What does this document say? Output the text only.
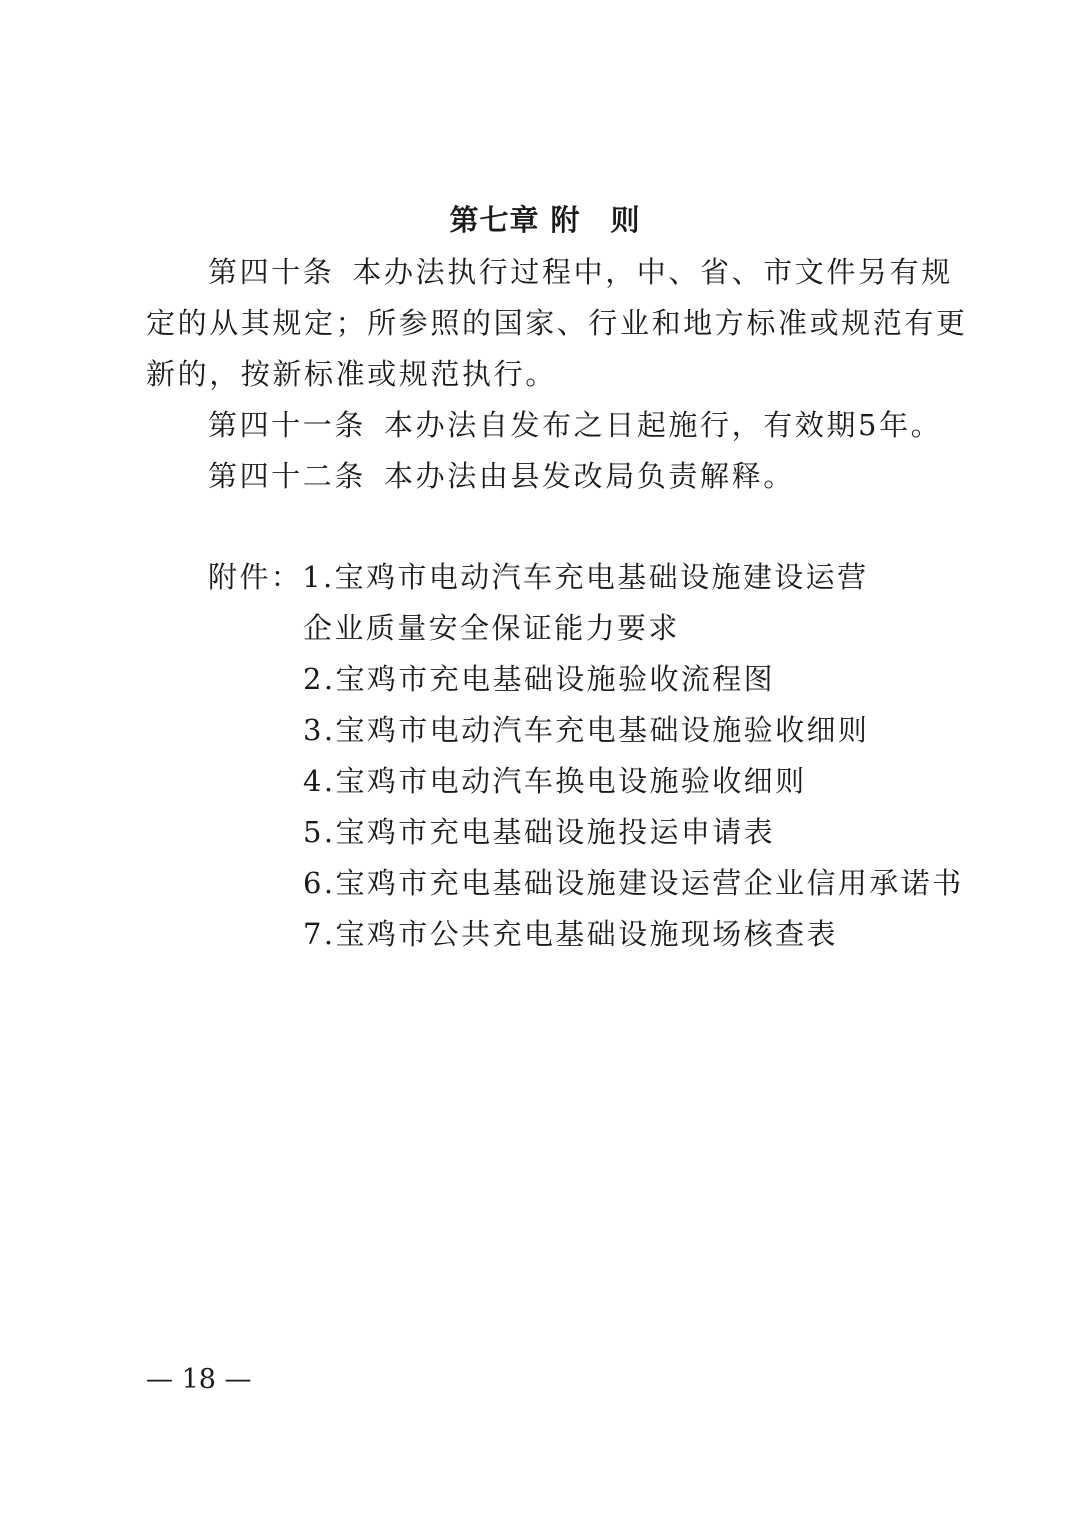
第七章 附　则
第四十条 本办法执行过程中，中、省、市文件另有规
定的从其规定；所参照的国家、行业和地方标准或规范有更
新的，按新标准或规范执行。
第四十一条 本办法自发布之日起施行，有效期5年。
第四十二条 本办法由县发改局负责解释。
附件：1.宝鸡市电动汽车充电基础设施建设运营
企业质量安全保证能力要求
2.宝鸡市充电基础设施验收流程图
3.宝鸡市电动汽车充电基础设施验收细则
4.宝鸡市电动汽车换电设施验收细则
5.宝鸡市充电基础设施投运申请表
6.宝鸡市充电基础设施建设运营企业信用承诺书
7.宝鸡市公共充电基础设施现场核查表
— 18 —
